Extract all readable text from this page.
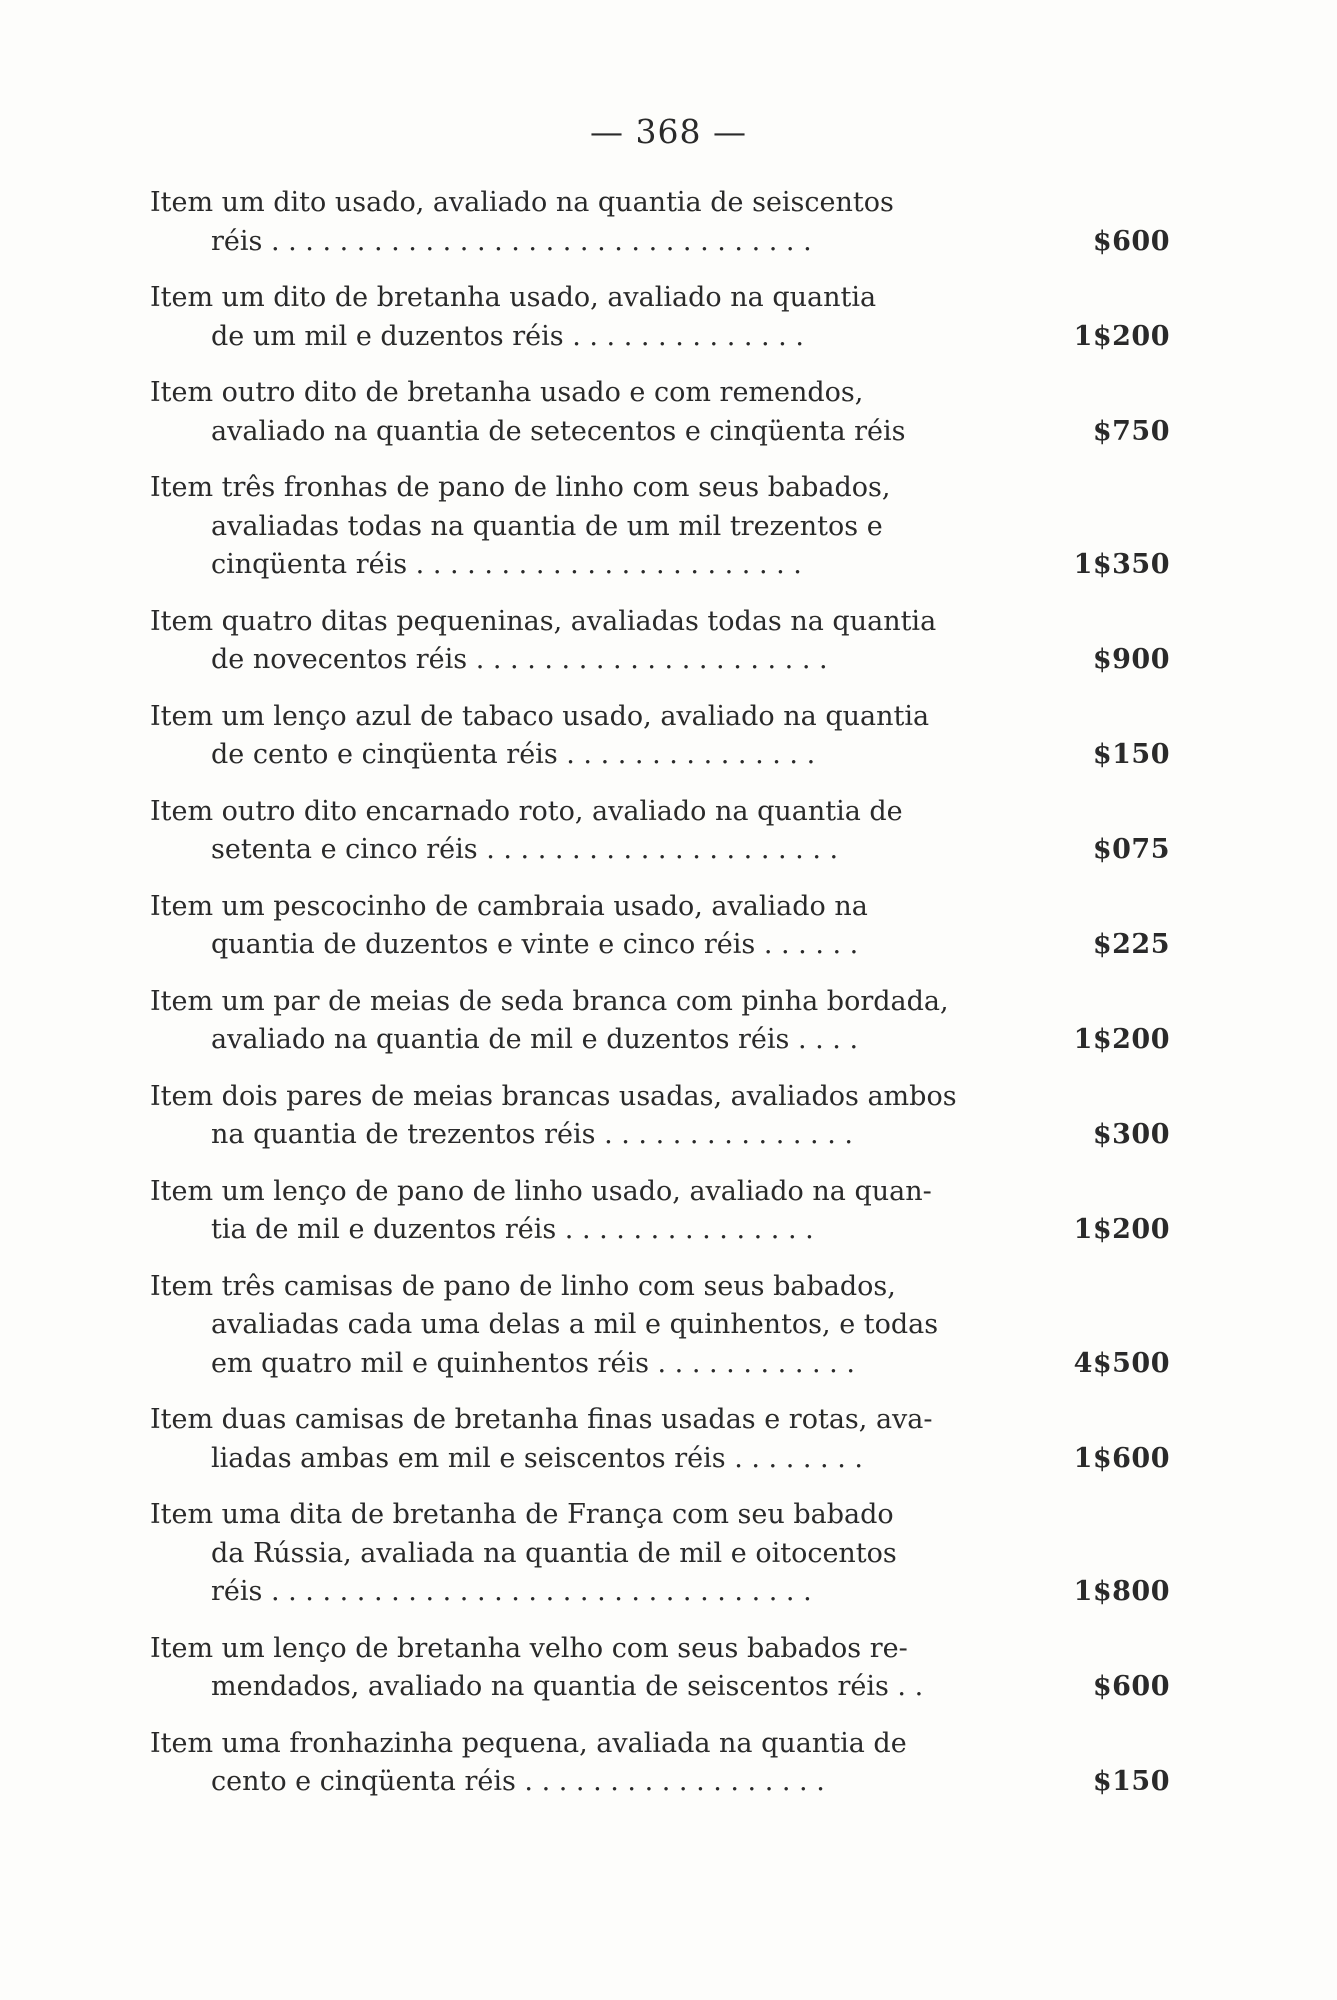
— 368 —
Item um dito usado, avaliado na quantia de seiscentos
réis . . . . . . . . . . . . . . . . . . . . . . . . . . . . . . . .	$600
Item um dito de bretanha usado, avaliado na quantia
de um mil e duzentos réis . . . . . . . . . . . . . .	1$200
Item outro dito de bretanha usado e com remendos,
avaliado na quantia de setecentos e cinqüenta réis	$750
Item três fronhas de pano de linho com seus babados,
avaliadas todas na quantia de um mil trezentos e
cinqüenta réis . . . . . . . . . . . . . . . . . . . . . . .	1$350
Item quatro ditas pequeninas, avaliadas todas na quantia
de novecentos réis . . . . . . . . . . . . . . . . . . . . .	$900
Item um lenço azul de tabaco usado, avaliado na quantia
de cento e cinqüenta réis . . . . . . . . . . . . . . .	$150
Item outro dito encarnado roto, avaliado na quantia de
setenta e cinco réis . . . . . . . . . . . . . . . . . . . . .	$075
Item um pescocinho de cambraia usado, avaliado na
quantia de duzentos e vinte e cinco réis . . . . . .	$225
Item um par de meias de seda branca com pinha bordada,
avaliado na quantia de mil e duzentos réis . . . .	1$200
Item dois pares de meias brancas usadas, avaliados ambos
na quantia de trezentos réis . . . . . . . . . . . . . . .	$300
Item um lenço de pano de linho usado, avaliado na quan-
tia de mil e duzentos réis . . . . . . . . . . . . . . .	1$200
Item três camisas de pano de linho com seus babados,
avaliadas cada uma delas a mil e quinhentos, e todas
em quatro mil e quinhentos réis . . . . . . . . . . . .	4$500
Item duas camisas de bretanha finas usadas e rotas, ava-
liadas ambas em mil e seiscentos réis . . . . . . . .	1$600
Item uma dita de bretanha de França com seu babado
da Rússia, avaliada na quantia de mil e oitocentos
réis . . . . . . . . . . . . . . . . . . . . . . . . . . . . . . . .	1$800
Item um lenço de bretanha velho com seus babados re-
mendados, avaliado na quantia de seiscentos réis . .	$600
Item uma fronhazinha pequena, avaliada na quantia de
cento e cinqüenta réis . . . . . . . . . . . . . . . . . .	$150
